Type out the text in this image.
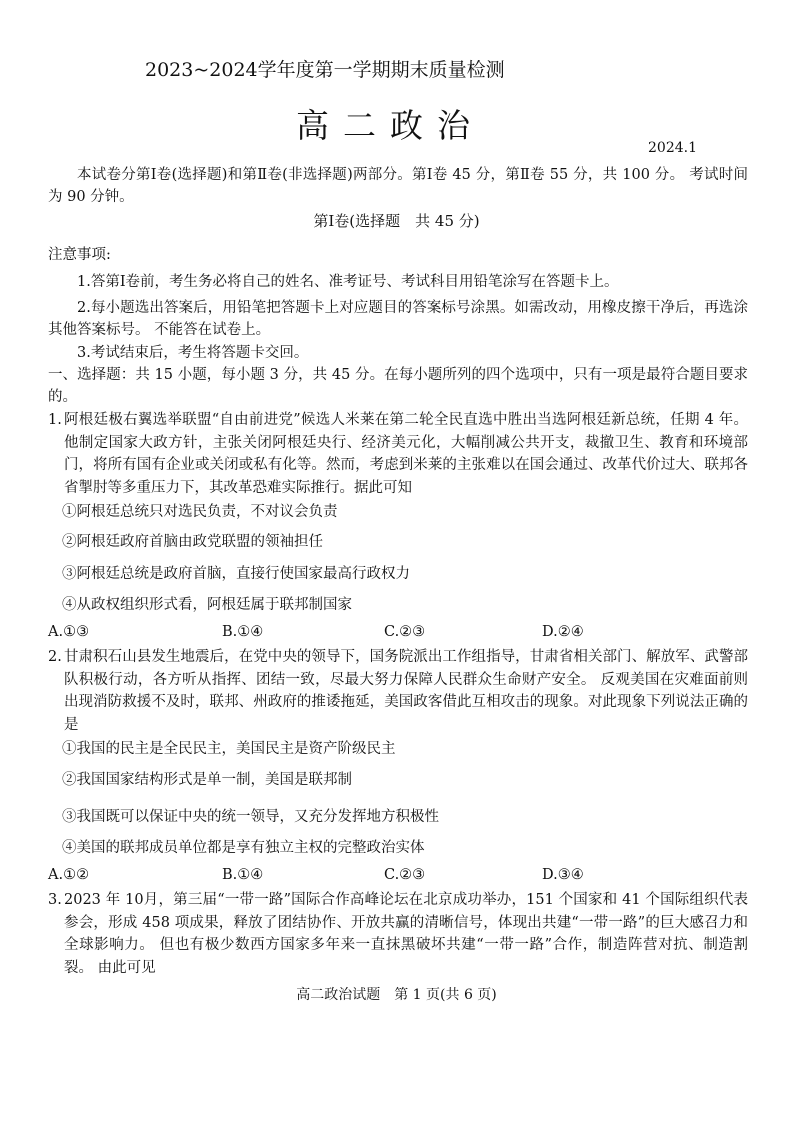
2023~2024学年度第一学期期末质量检测
高二政治
2024.1
本试卷分第Ⅰ卷(选择题)和第Ⅱ卷(非选择题)两部分。第Ⅰ卷 45 分，第Ⅱ卷 55 分，共 100 分。 考试时间为 90 分钟。
第Ⅰ卷(选择题　共 45 分)
注意事项:
1.答第Ⅰ卷前，考生务必将自己的姓名、准考证号、考试科目用铅笔涂写在答题卡上。
2.每小题选出答案后，用铅笔把答题卡上对应题目的答案标号涂黑。如需改动，用橡皮擦干净后，再选涂其他答案标号。 不能答在试卷上。
3.考试结束后，考生将答题卡交回。
一、选择题：共 15 小题，每小题 3 分，共 45 分。在每小题所列的四个选项中，只有一项是最符合题目要求的。
1. 阿根廷极右翼选举联盟“自由前进党”候选人米莱在第二轮全民直选中胜出当选阿根廷新总统，任期 4 年。 他制定国家大政方针，主张关闭阿根廷央行、经济美元化，大幅削减公共开支，裁撤卫生、教育和环境部门，将所有国有企业或关闭或私有化等。然而，考虑到米莱的主张难以在国会通过、改革代价过大、联邦各省掣肘等多重压力下，其改革恐难实际推行。据此可知
①阿根廷总统只对选民负责，不对议会负责
②阿根廷政府首脑由政党联盟的领袖担任
③阿根廷总统是政府首脑，直接行使国家最高行政权力
④从政权组织形式看，阿根廷属于联邦制国家
A.①③	B.①④	C.②③	D.②④
2. 甘肃积石山县发生地震后，在党中央的领导下，国务院派出工作组指导，甘肃省相关部门、解放军、武警部队积极行动，各方听从指挥、团结一致，尽最大努力保障人民群众生命财产安全。 反观美国在灾难面前则出现消防救援不及时，联邦、州政府的推诿拖延，美国政客借此互相攻击的现象。对此现象下列说法正确的是
①我国的民主是全民民主，美国民主是资产阶级民主
②我国国家结构形式是单一制，美国是联邦制
③我国既可以保证中央的统一领导，又充分发挥地方积极性
④美国的联邦成员单位都是享有独立主权的完整政治实体
A.①②	B.①④	C.②③	D.③④
3. 2023 年 10月，第三届“一带一路”国际合作高峰论坛在北京成功举办，151 个国家和 41 个国际组织代表参会，形成 458 项成果，释放了团结协作、开放共赢的清晰信号，体现出共建“一带一路”的巨大感召力和全球影响力。 但也有极少数西方国家多年来一直抹黑破坏共建“一带一路”合作，制造阵营对抗、制造割裂。 由此可见
高二政治试题　第 1 页(共 6 页)
